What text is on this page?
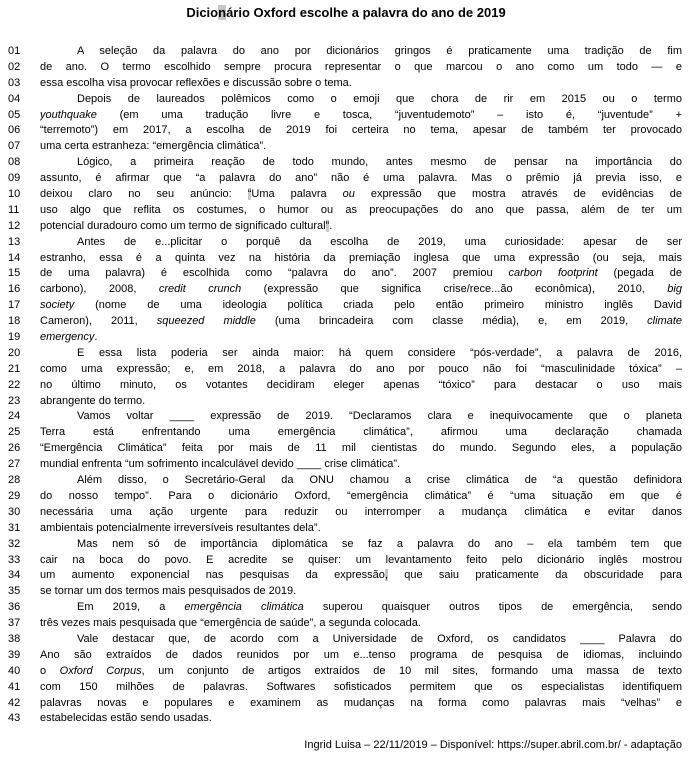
Dicionário Oxford escolhe a palavra do ano de 2019
01	A seleção da palavra do ano por dicionários gringos é praticamente uma tradição de fim
02	de ano. O termo escolhido sempre procura representar o que marcou o ano como um todo — e
03	essa escolha visa provocar reflexões e discussão sobre o tema.
04	Depois de laureados polêmicos como o emoji que chora de rir em 2015 ou o termo
05	youthquake (em uma tradução livre e tosca, “juventudemoto” – isto é, “juventude” +
06	“terremoto”) em 2017, a escolha de 2019 foi certeira no tema, apesar de também ter provocado
07	uma certa estranheza: “emergência climática”.
08	Lógico, a primeira reação de todo mundo, antes mesmo de pensar na importância do
09	assunto, é afirmar que “a palavra do ano” não é uma palavra. Mas o prêmio já previa isso, e
10	deixou claro no seu anúncio: “Uma palavra ou expressão que mostra através de evidências de
11	uso algo que reflita os costumes, o humor ou as preocupações do ano que passa, além de ter um
12	potencial duradouro como um termo de significado cultural”.
13	Antes de e...plicitar o porquê da escolha de 2019, uma curiosidade: apesar de ser
14	estranho, essa é a quinta vez na história da premiação inglesa que uma expressão (ou seja, mais
15	de uma palavra) é escolhida como “palavra do ano”. 2007 premiou carbon footprint (pegada de
16	carbono), 2008, credit crunch (expressão que significa crise/rece...ão econômica), 2010, big
17	society (nome de uma ideologia política criada pelo então primeiro ministro inglês David
18	Cameron), 2011, squeezed middle (uma brincadeira com classe média), e, em 2019, climate
19	emergency.
20	E essa lista poderia ser ainda maior: há quem considere “pós-verdade”, a palavra de 2016,
21	como uma expressão; e, em 2018, a palavra do ano por pouco não foi “masculinidade tóxica” –
22	no último minuto, os votantes decidiram eleger apenas “tóxico” para destacar o uso mais
23	abrangente do termo.
24	Vamos voltar ____ expressão de 2019. “Declaramos clara e inequivocamente que o planeta
25	Terra está enfrentando uma emergência climática”, afirmou uma declaração chamada
26	“Emergência Climática” feita por mais de 11 mil cientistas do mundo. Segundo eles, a população
27	mundial enfrenta “um sofrimento incalculável devido ____ crise climática”.
28	Além disso, o Secretário-Geral da ONU chamou a crise climática de “a questão definidora
29	do nosso tempo”. Para o dicionário Oxford, “emergência climática” é “uma situação em que é
30	necessária uma ação urgente para reduzir ou interromper a mudança climática e evitar danos
31	ambientais potencialmente irreversíveis resultantes dela”.
32	Mas nem só de importância diplomática se faz a palavra do ano – ela também tem que
33	cair na boca do povo. E acredite se quiser: um levantamento feito pelo dicionário inglês mostrou
34	um aumento exponencial nas pesquisas da expressão, que saiu praticamente da obscuridade para
35	se tornar um dos termos mais pesquisados de 2019.
36	Em 2019, a emergência climática superou quaisquer outros tipos de emergência, sendo
37	três vezes mais pesquisada que “emergência de saúde”, a segunda colocada.
38	Vale destacar que, de acordo com a Universidade de Oxford, os candidatos ____ Palavra do
39	Ano são extraídos de dados reunidos por um e...tenso programa de pesquisa de idiomas, incluindo
40	o Oxford Corpus, um conjunto de artigos extraídos de 10 mil sites, formando uma massa de texto
41	com 150 milhões de palavras. Softwares sofisticados permitem que os especialistas identifiquem
42	palavras novas e populares e examinem as mudanças na forma como palavras mais “velhas” e
43	estabelecidas estão sendo usadas.
Ingrid Luisa – 22/11/2019 – Disponível: https://super.abril.com.br/ - adaptação
